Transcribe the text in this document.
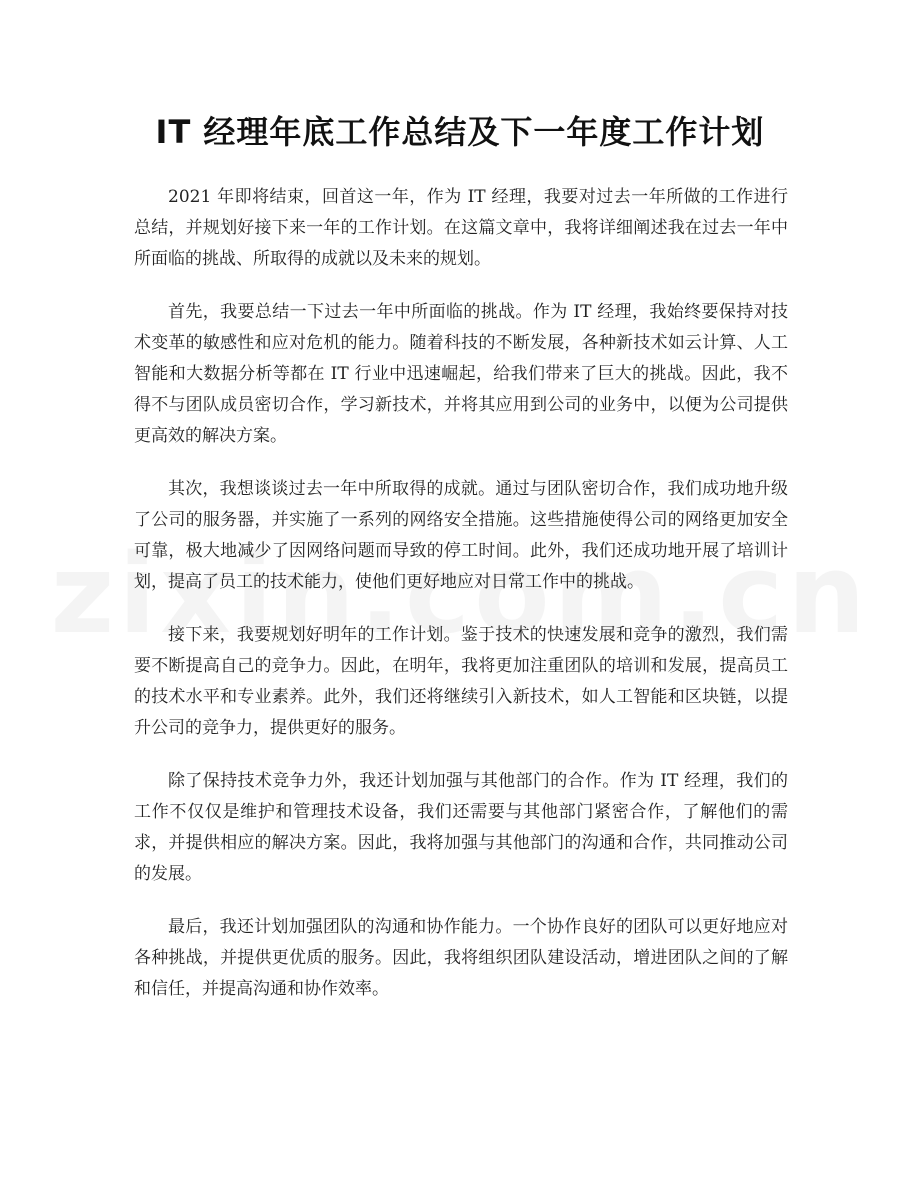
IT 经理年底工作总结及下一年度工作计划

2021 年即将结束，回首这一年，作为 IT 经理，我要对过去一年所做的工作进行总结，并规划好接下来一年的工作计划。在这篇文章中，我将详细阐述我在过去一年中所面临的挑战、所取得的成就以及未来的规划。

首先，我要总结一下过去一年中所面临的挑战。作为 IT 经理，我始终要保持对技术变革的敏感性和应对危机的能力。随着科技的不断发展，各种新技术如云计算、人工智能和大数据分析等都在 IT 行业中迅速崛起，给我们带来了巨大的挑战。因此，我不得不与团队成员密切合作，学习新技术，并将其应用到公司的业务中，以便为公司提供更高效的解决方案。

其次，我想谈谈过去一年中所取得的成就。通过与团队密切合作，我们成功地升级了公司的服务器，并实施了一系列的网络安全措施。这些措施使得公司的网络更加安全可靠，极大地减少了因网络问题而导致的停工时间。此外，我们还成功地开展了培训计划，提高了员工的技术能力，使他们更好地应对日常工作中的挑战。

接下来，我要规划好明年的工作计划。鉴于技术的快速发展和竞争的激烈，我们需要不断提高自己的竞争力。因此，在明年，我将更加注重团队的培训和发展，提高员工的技术水平和专业素养。此外，我们还将继续引入新技术，如人工智能和区块链，以提升公司的竞争力，提供更好的服务。

除了保持技术竞争力外，我还计划加强与其他部门的合作。作为 IT 经理，我们的工作不仅仅是维护和管理技术设备，我们还需要与其他部门紧密合作，了解他们的需求，并提供相应的解决方案。因此，我将加强与其他部门的沟通和合作，共同推动公司的发展。

最后，我还计划加强团队的沟通和协作能力。一个协作良好的团队可以更好地应对各种挑战，并提供更优质的服务。因此，我将组织团队建设活动，增进团队之间的了解和信任，并提高沟通和协作效率。
